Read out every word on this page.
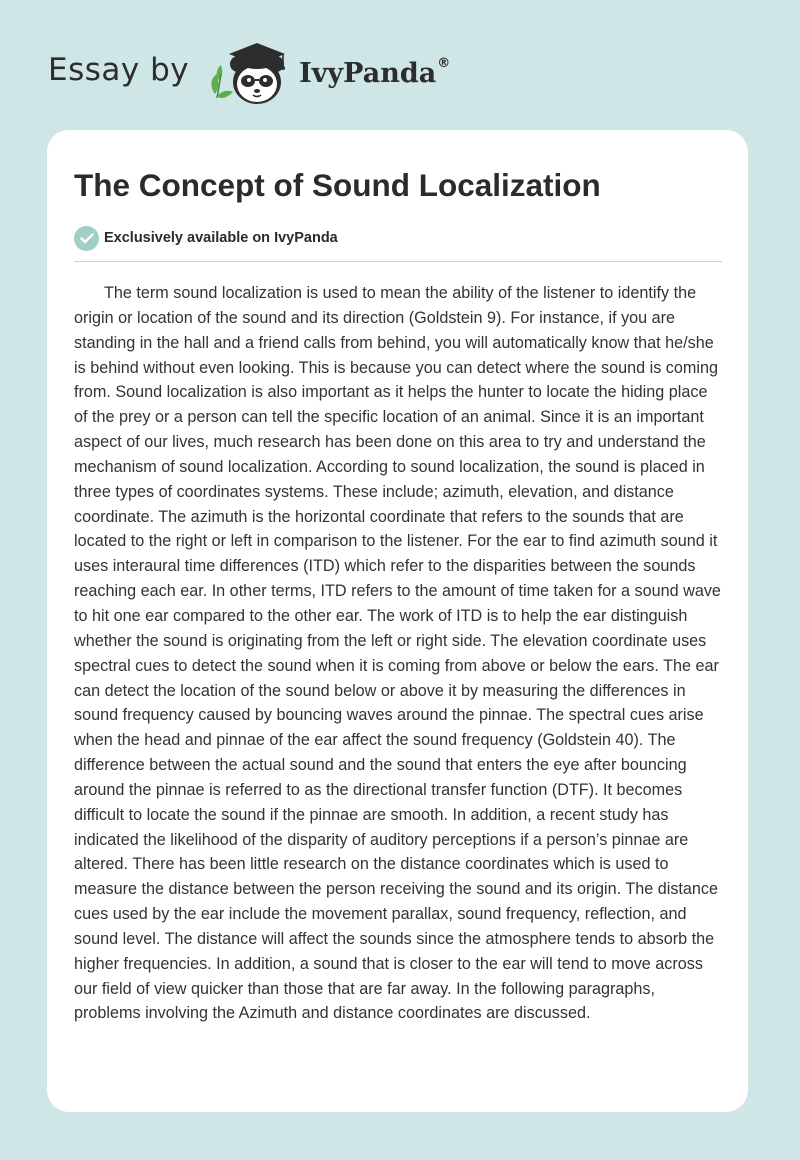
Essay by	IvyPanda®
The Concept of Sound Localization
Exclusively available on IvyPanda

The term sound localization is used to mean the ability of the listener to identify the origin or location of the sound and its direction (Goldstein 9). For instance, if you are standing in the hall and a friend calls from behind, you will automatically know that he/she is behind without even looking. This is because you can detect where the sound is coming from. Sound localization is also important as it helps the hunter to locate the hiding place of the prey or a person can tell the specific location of an animal. Since it is an important aspect of our lives, much research has been done on this area to try and understand the mechanism of sound localization. According to sound localization, the sound is placed in three types of coordinates systems. These include; azimuth, elevation, and distance coordinate. The azimuth is the horizontal coordinate that refers to the sounds that are located to the right or left in comparison to the listener. For the ear to find azimuth sound it uses interaural time differences (ITD) which refer to the disparities between the sounds reaching each ear. In other terms, ITD refers to the amount of time taken for a sound wave to hit one ear compared to the other ear. The work of ITD is to help the ear distinguish whether the sound is originating from the left or right side. The elevation coordinate uses spectral cues to detect the sound when it is coming from above or below the ears. The ear can detect the location of the sound below or above it by measuring the differences in sound frequency caused by bouncing waves around the pinnae. The spectral cues arise when the head and pinnae of the ear affect the sound frequency (Goldstein 40). The difference between the actual sound and the sound that enters the eye after bouncing around the pinnae is referred to as the directional transfer function (DTF). It becomes difficult to locate the sound if the pinnae are smooth. In addition, a recent study has indicated the likelihood of the disparity of auditory perceptions if a person’s pinnae are altered. There has been little research on the distance coordinates which is used to measure the distance between the person receiving the sound and its origin. The distance cues used by the ear include the movement parallax, sound frequency, reflection, and sound level. The distance will affect the sounds since the atmosphere tends to absorb the higher frequencies. In addition, a sound that is closer to the ear will tend to move across our field of view quicker than those that are far away. In the following paragraphs, problems involving the Azimuth and distance coordinates are discussed.
